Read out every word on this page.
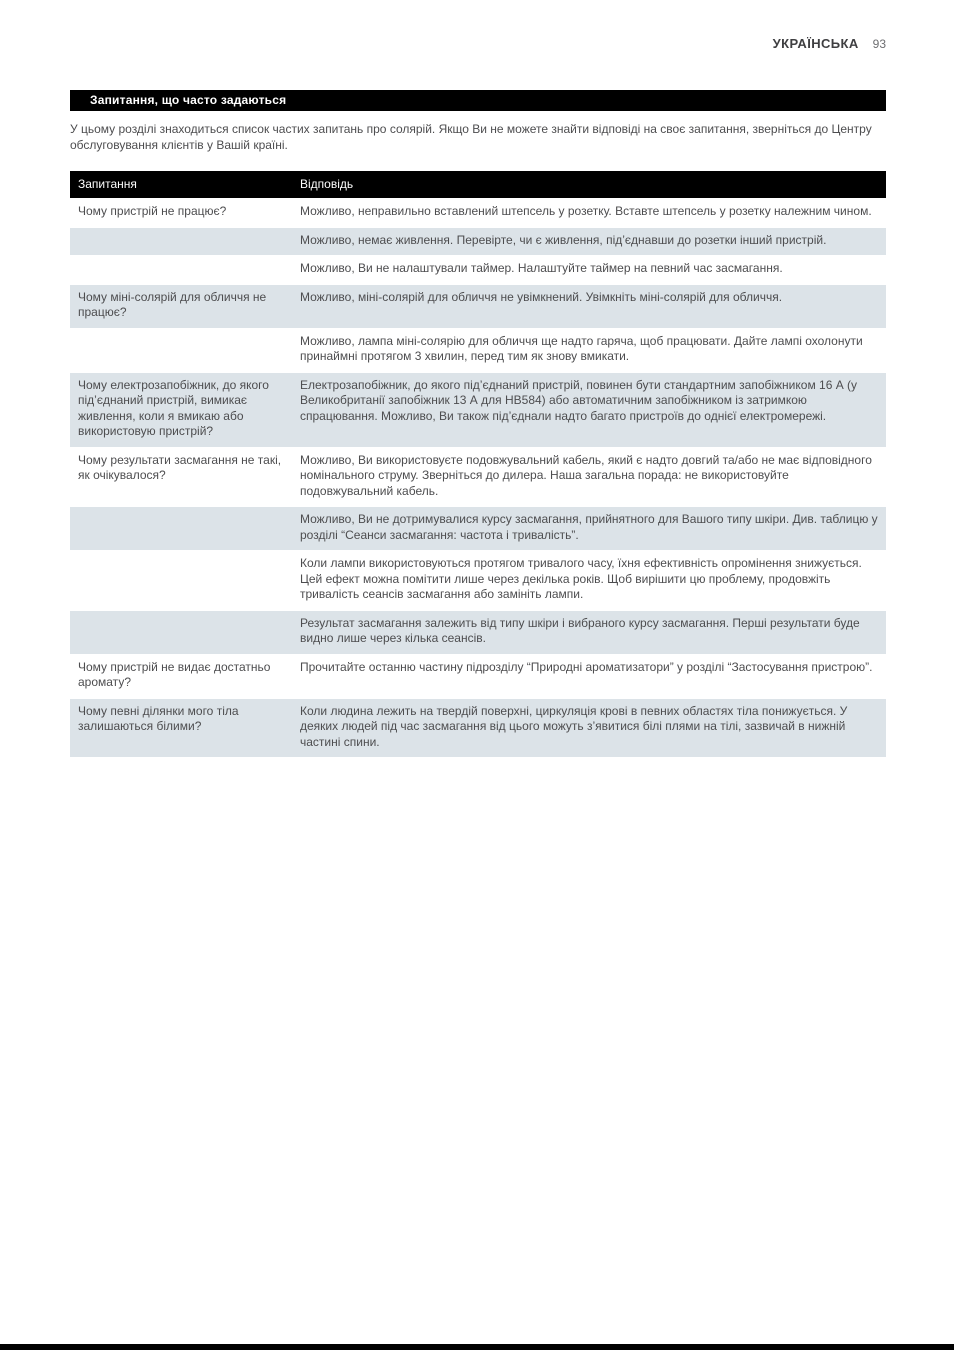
УКРАЇНСЬКА 93
Запитання, що часто задаються

У цьому розділі знаходиться список частих запитань про солярій. Якщо Ви не можете знайти відповіді на своє запитання, зверніться до Центру обслуговування клієнтів у Вашій країні.

Запитання	Відповідь
Чому пристрій не працює?	Можливо, неправильно вставлений штепсель у розетку. Вставте штепсель у розетку належним чином.
Можливо, немає живлення. Перевірте, чи є живлення, під’єднавши до розетки інший пристрій.
Можливо, Ви не налаштували таймер. Налаштуйте таймер на певний час засмагання.
Чому міні-солярій для обличчя не працює?
Можливо, міні-солярій для обличчя не увімкнений. Увімкніть міні-солярій для обличчя.
Можливо, лампа міні-солярію для обличчя ще надто гаряча, щоб працювати. Дайте лампі охолонути принаймні протягом 3 хвилин, перед тим як знову вмикати.
Чому електрозапобіжник, до якого під’єднаний пристрій, вимикає живлення, коли я вмикаю або використовую пристрій?
Електрозапобіжник, до якого під’єднаний пристрій, повинен бути стандартним запобіжником 16 А (у Великобританії запобіжник 13 А для HB584) або автоматичним запобіжником із затримкою спрацювання. Можливо, Ви також під’єднали надто багато пристроїв до однієї електромережі.
Чому результати засмагання не такі, як очікувалося?
Можливо, Ви використовуєте подовжувальний кабель, який є надто довгий та/або не має відповідного номінального струму. Зверніться до дилера. Наша загальна порада: не використовуйте подовжувальний кабель.
Можливо, Ви не дотримувалися курсу засмагання, прийнятного для Вашого типу шкіри. Див. таблицю у розділі “Сеанси засмагання: частота і тривалість”.
Коли лампи використовуються протягом тривалого часу, їхня ефективність опромінення знижується. Цей ефект можна помітити лише через декілька років. Щоб вирішити цю проблему, продовжіть тривалість сеансів засмагання або замініть лампи.
Результат засмагання залежить від типу шкіри і вибраного курсу засмагання. Перші результати буде видно лише через кілька сеансів.
Чому пристрій не видає достатньо аромату?
Прочитайте останню частину підрозділу “Природні ароматизатори” у розділі “Застосування пристрою”.
Чому певні ділянки мого тіла залишаються білими?
Коли людина лежить на твердій поверхні, циркуляція крові в певних областях тіла понижується. У деяких людей під час засмагання від цього можуть з’явитися білі плями на тілі, зазвичай в нижній частині спини.
